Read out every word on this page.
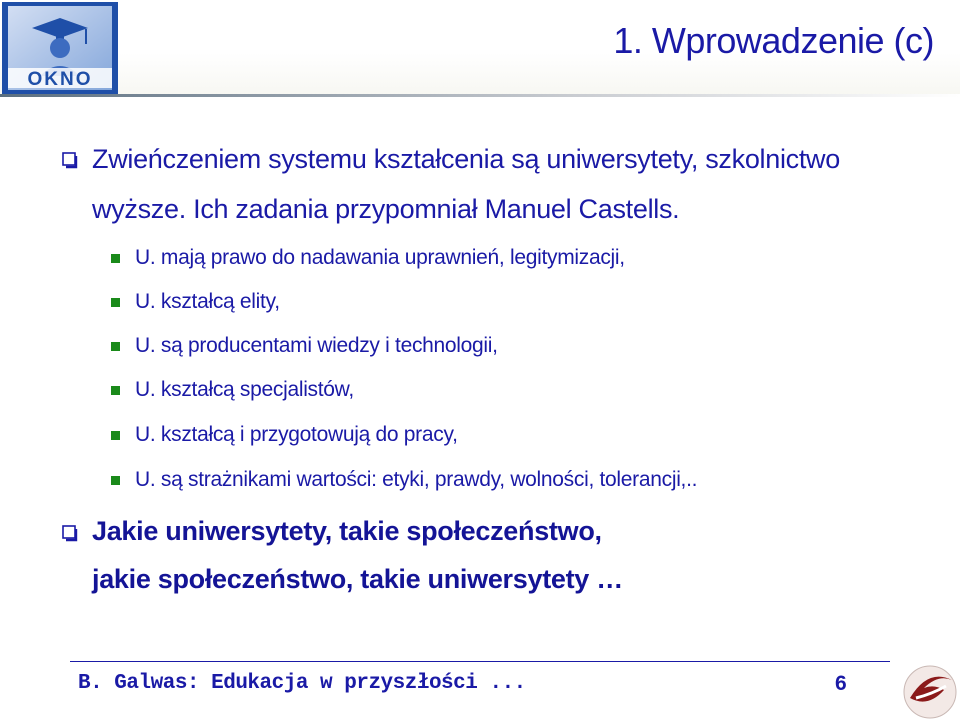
OKNO
1. Wprowadzenie (c)
Zwieńczeniem systemu kształcenia są uniwersytety, szkolnictwo
wyższe. Ich zadania przypomniał Manuel Castells.
U. mają prawo do nadawania uprawnień, legitymizacji,
U. kształcą elity,
U. są producentami wiedzy i technologii,
U. kształcą specjalistów,
U. kształcą i przygotowują do pracy,
U. są strażnikami wartości: etyki, prawdy, wolności, tolerancji,..
Jakie uniwersytety, takie społeczeństwo,
jakie społeczeństwo, takie uniwersytety …
B. Galwas: Edukacja w przyszłości ...	6
